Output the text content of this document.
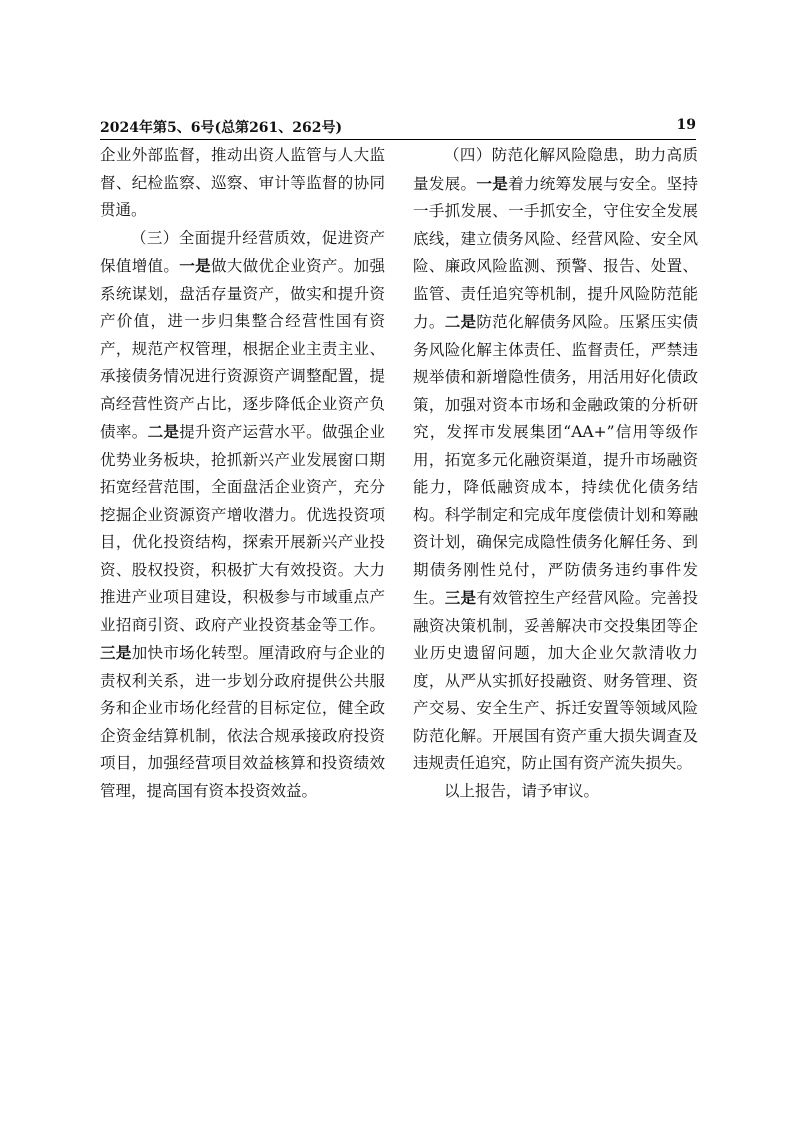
2024年第5、6号(总第261、262号)	19

企业外部监督，推动出资人监管与人大监督、纪检监察、巡察、审计等监督的协同贯通。

（三）全面提升经营质效，促进资产保值增值。一是做大做优企业资产。加强系统谋划，盘活存量资产，做实和提升资产价值，进一步归集整合经营性国有资产，规范产权管理，根据企业主责主业、承接债务情况进行资源资产调整配置，提高经营性资产占比，逐步降低企业资产负债率。二是提升资产运营水平。做强企业优势业务板块，抢抓新兴产业发展窗口期拓宽经营范围，全面盘活企业资产，充分挖掘企业资源资产增收潜力。优选投资项目，优化投资结构，探索开展新兴产业投资、股权投资，积极扩大有效投资。大力推进产业项目建设，积极参与市域重点产业招商引资、政府产业投资基金等工作。三是加快市场化转型。厘清政府与企业的责权利关系，进一步划分政府提供公共服务和企业市场化经营的目标定位，健全政企资金结算机制，依法合规承接政府投资项目，加强经营项目效益核算和投资绩效管理，提高国有资本投资效益。

（四）防范化解风险隐患，助力高质量发展。一是着力统筹发展与安全。坚持一手抓发展、一手抓安全，守住安全发展底线，建立债务风险、经营风险、安全风险、廉政风险监测、预警、报告、处置、监管、责任追究等机制，提升风险防范能力。二是防范化解债务风险。压紧压实债务风险化解主体责任、监督责任，严禁违规举债和新增隐性债务，用活用好化债政策，加强对资本市场和金融政策的分析研究，发挥市发展集团“AA+”信用等级作用，拓宽多元化融资渠道，提升市场融资能力，降低融资成本，持续优化债务结构。科学制定和完成年度偿债计划和筹融资计划，确保完成隐性债务化解任务、到期债务刚性兑付，严防债务违约事件发生。三是有效管控生产经营风险。完善投融资决策机制，妥善解决市交投集团等企业历史遗留问题，加大企业欠款清收力度，从严从实抓好投融资、财务管理、资产交易、安全生产、拆迁安置等领域风险防范化解。开展国有资产重大损失调查及违规责任追究，防止国有资产流失损失。

以上报告，请予审议。
